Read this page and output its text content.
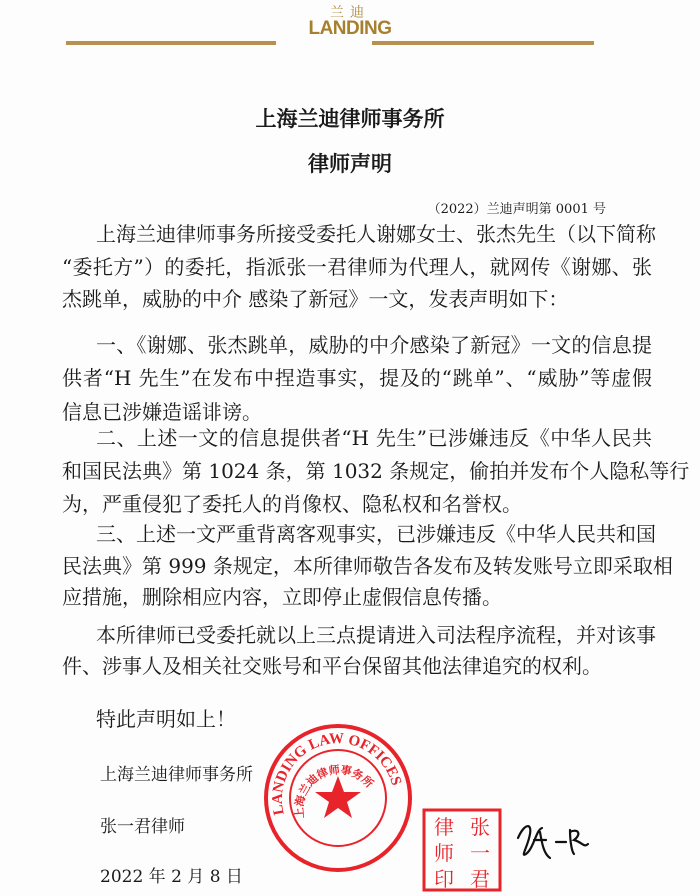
兰迪
LANDING
上海兰迪律师事务所
律师声明
（2022）兰迪声明第 0001 号
上海兰迪律师事务所接受委托人谢娜女士、张杰先生（以下简称
“委托方”）的委托，指派张一君律师为代理人，就网传《谢娜、张
杰跳单，威胁的中介 感染了新冠》一文，发表声明如下：
一、《谢娜、张杰跳单，威胁的中介感染了新冠》一文的信息提
供者“H 先生”在发布中捏造事实，提及的“跳单”、“威胁”等虚假
信息已涉嫌造谣诽谤。
二、上述一文的信息提供者“H 先生”已涉嫌违反《中华人民共
和国民法典》第 1024 条，第 1032 条规定，偷拍并发布个人隐私等行
为，严重侵犯了委托人的肖像权、隐私权和名誉权。
三、上述一文严重背离客观事实，已涉嫌违反《中华人民共和国
民法典》第 999 条规定，本所律师敬告各发布及转发账号立即采取相
应措施，删除相应内容，立即停止虚假信息传播。
本所律师已受委托就以上三点提请进入司法程序流程，并对该事
件、涉事人及相关社交账号和平台保留其他法律追究的权利。
特此声明如上！
上海兰迪律师事务所
张一君律师
2022 年 2 月 8 日
LANDING LAW OFFICES
上海兰迪律师事务所
张
一
君
律
师
印
